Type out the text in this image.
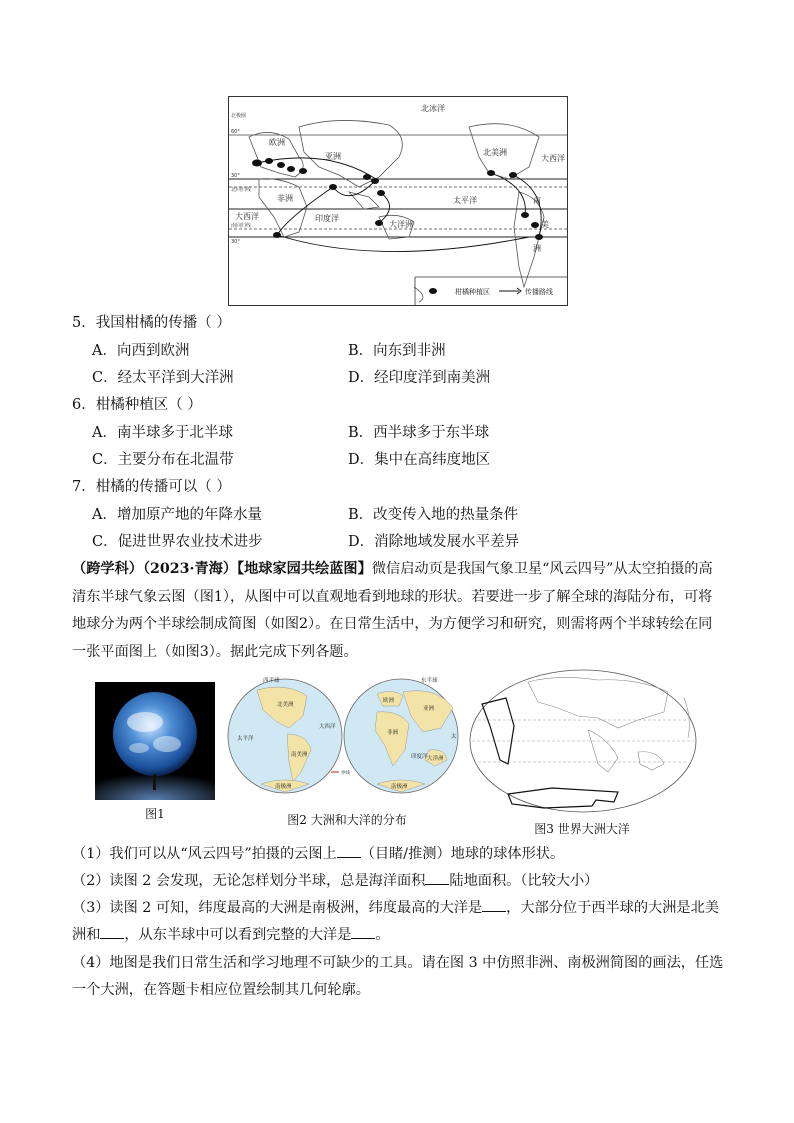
北冰洋
欧洲
亚洲	北美洲
大西洋
非洲	太平洋
印度洋
大西洋
大洋洲
南
美
洲
北极圈
60°
30°
北回归线
南回归线
30°
柑橘种植区	传播路线
5．我国柑橘的传播（ ）
A．向西到欧洲	B．向东到非洲
C．经太平洋到大洋洲	D．经印度洋到南美洲
6．柑橘种植区（ ）
A．南半球多于北半球	B．西半球多于东半球
C．主要分布在北温带	D．集中在高纬度地区
7．柑橘的传播可以（ ）
A．增加原产地的年降水量	B．改变传入地的热量条件
C．促进世界农业技术进步	D．消除地域发展水平差异
（跨学科）（2023·青海）【地球家园共绘蓝图】微信启动页是我国气象卫星“风云四号”从太空拍摄的高清东半球气象云图（图1），从图中可以直观地看到地球的形状。若要进一步了解全球的海陆分布，可将地球分为两个半球绘制成简图（如图2）。在日常生活中，为方便学习和研究，则需将两个半球转绘在同一张平面图上（如图3）。据此完成下列各题。
图1
西半球	东半球
北美洲
南美洲
欧洲
非洲
亚洲
大洋洲
南极洲	南极洲
太平洋
大西洋
印度洋
太
界线
图2 大洲和大洋的分布
图3 世界大洲大洋
（1）我们可以从“风云四号”拍摄的云图上 （目睹/推测）地球的球体形状。
（2）读图 2 会发现，无论怎样划分半球，总是海洋面积 陆地面积。（比较大小）
（3）读图 2 可知，纬度最高的大洲是南极洲，纬度最高的大洋是 ，大部分位于西半球的大洲是北美洲和 ，从东半球中可以看到完整的大洋是 。
（4）地图是我们日常生活和学习地理不可缺少的工具。请在图 3 中仿照非洲、南极洲简图的画法，任选一个大洲，在答题卡相应位置绘制其几何轮廓。
